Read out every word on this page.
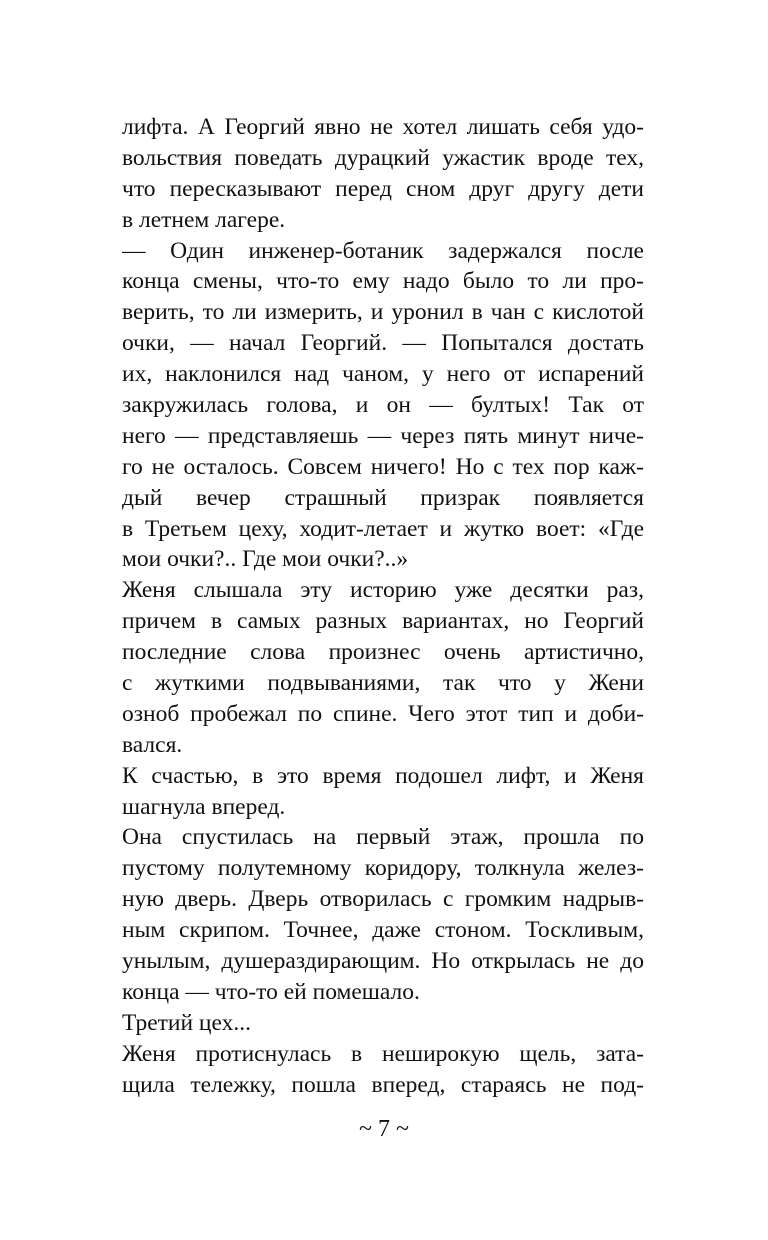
лифта. А Георгий явно не хотел лишать себя удо-
вольствия поведать дурацкий ужастик вроде тех,
что пересказывают перед сном друг другу дети
в летнем лагере.
— Один инженер-ботаник задержался после
конца смены, что-то ему надо было то ли про-
верить, то ли измерить, и уронил в чан с кислотой
очки, — начал Георгий. — Попытался достать
их, наклонился над чаном, у него от испарений
закружилась голова, и он — бултых! Так от
него — представляешь — через пять минут ниче-
го не осталось. Совсем ничего! Но с тех пор каж-
дый вечер страшный призрак появляется
в Третьем цеху, ходит-летает и жутко воет: «Где
мои очки?.. Где мои очки?..»
Женя слышала эту историю уже десятки раз,
причем в самых разных вариантах, но Георгий
последние слова произнес очень артистично,
с жуткими подвываниями, так что у Жени
озноб пробежал по спине. Чего этот тип и доби-
вался.
К счастью, в это время подошел лифт, и Женя
шагнула вперед.
Она спустилась на первый этаж, прошла по
пустому полутемному коридору, толкнула желез-
ную дверь. Дверь отворилась с громким надрыв-
ным скрипом. Точнее, даже стоном. Тоскливым,
унылым, душераздирающим. Но открылась не до
конца — что-то ей помешало.
Третий цех...
Женя протиснулась в неширокую щель, зата-
щила тележку, пошла вперед, стараясь не под-
~ 7 ~
